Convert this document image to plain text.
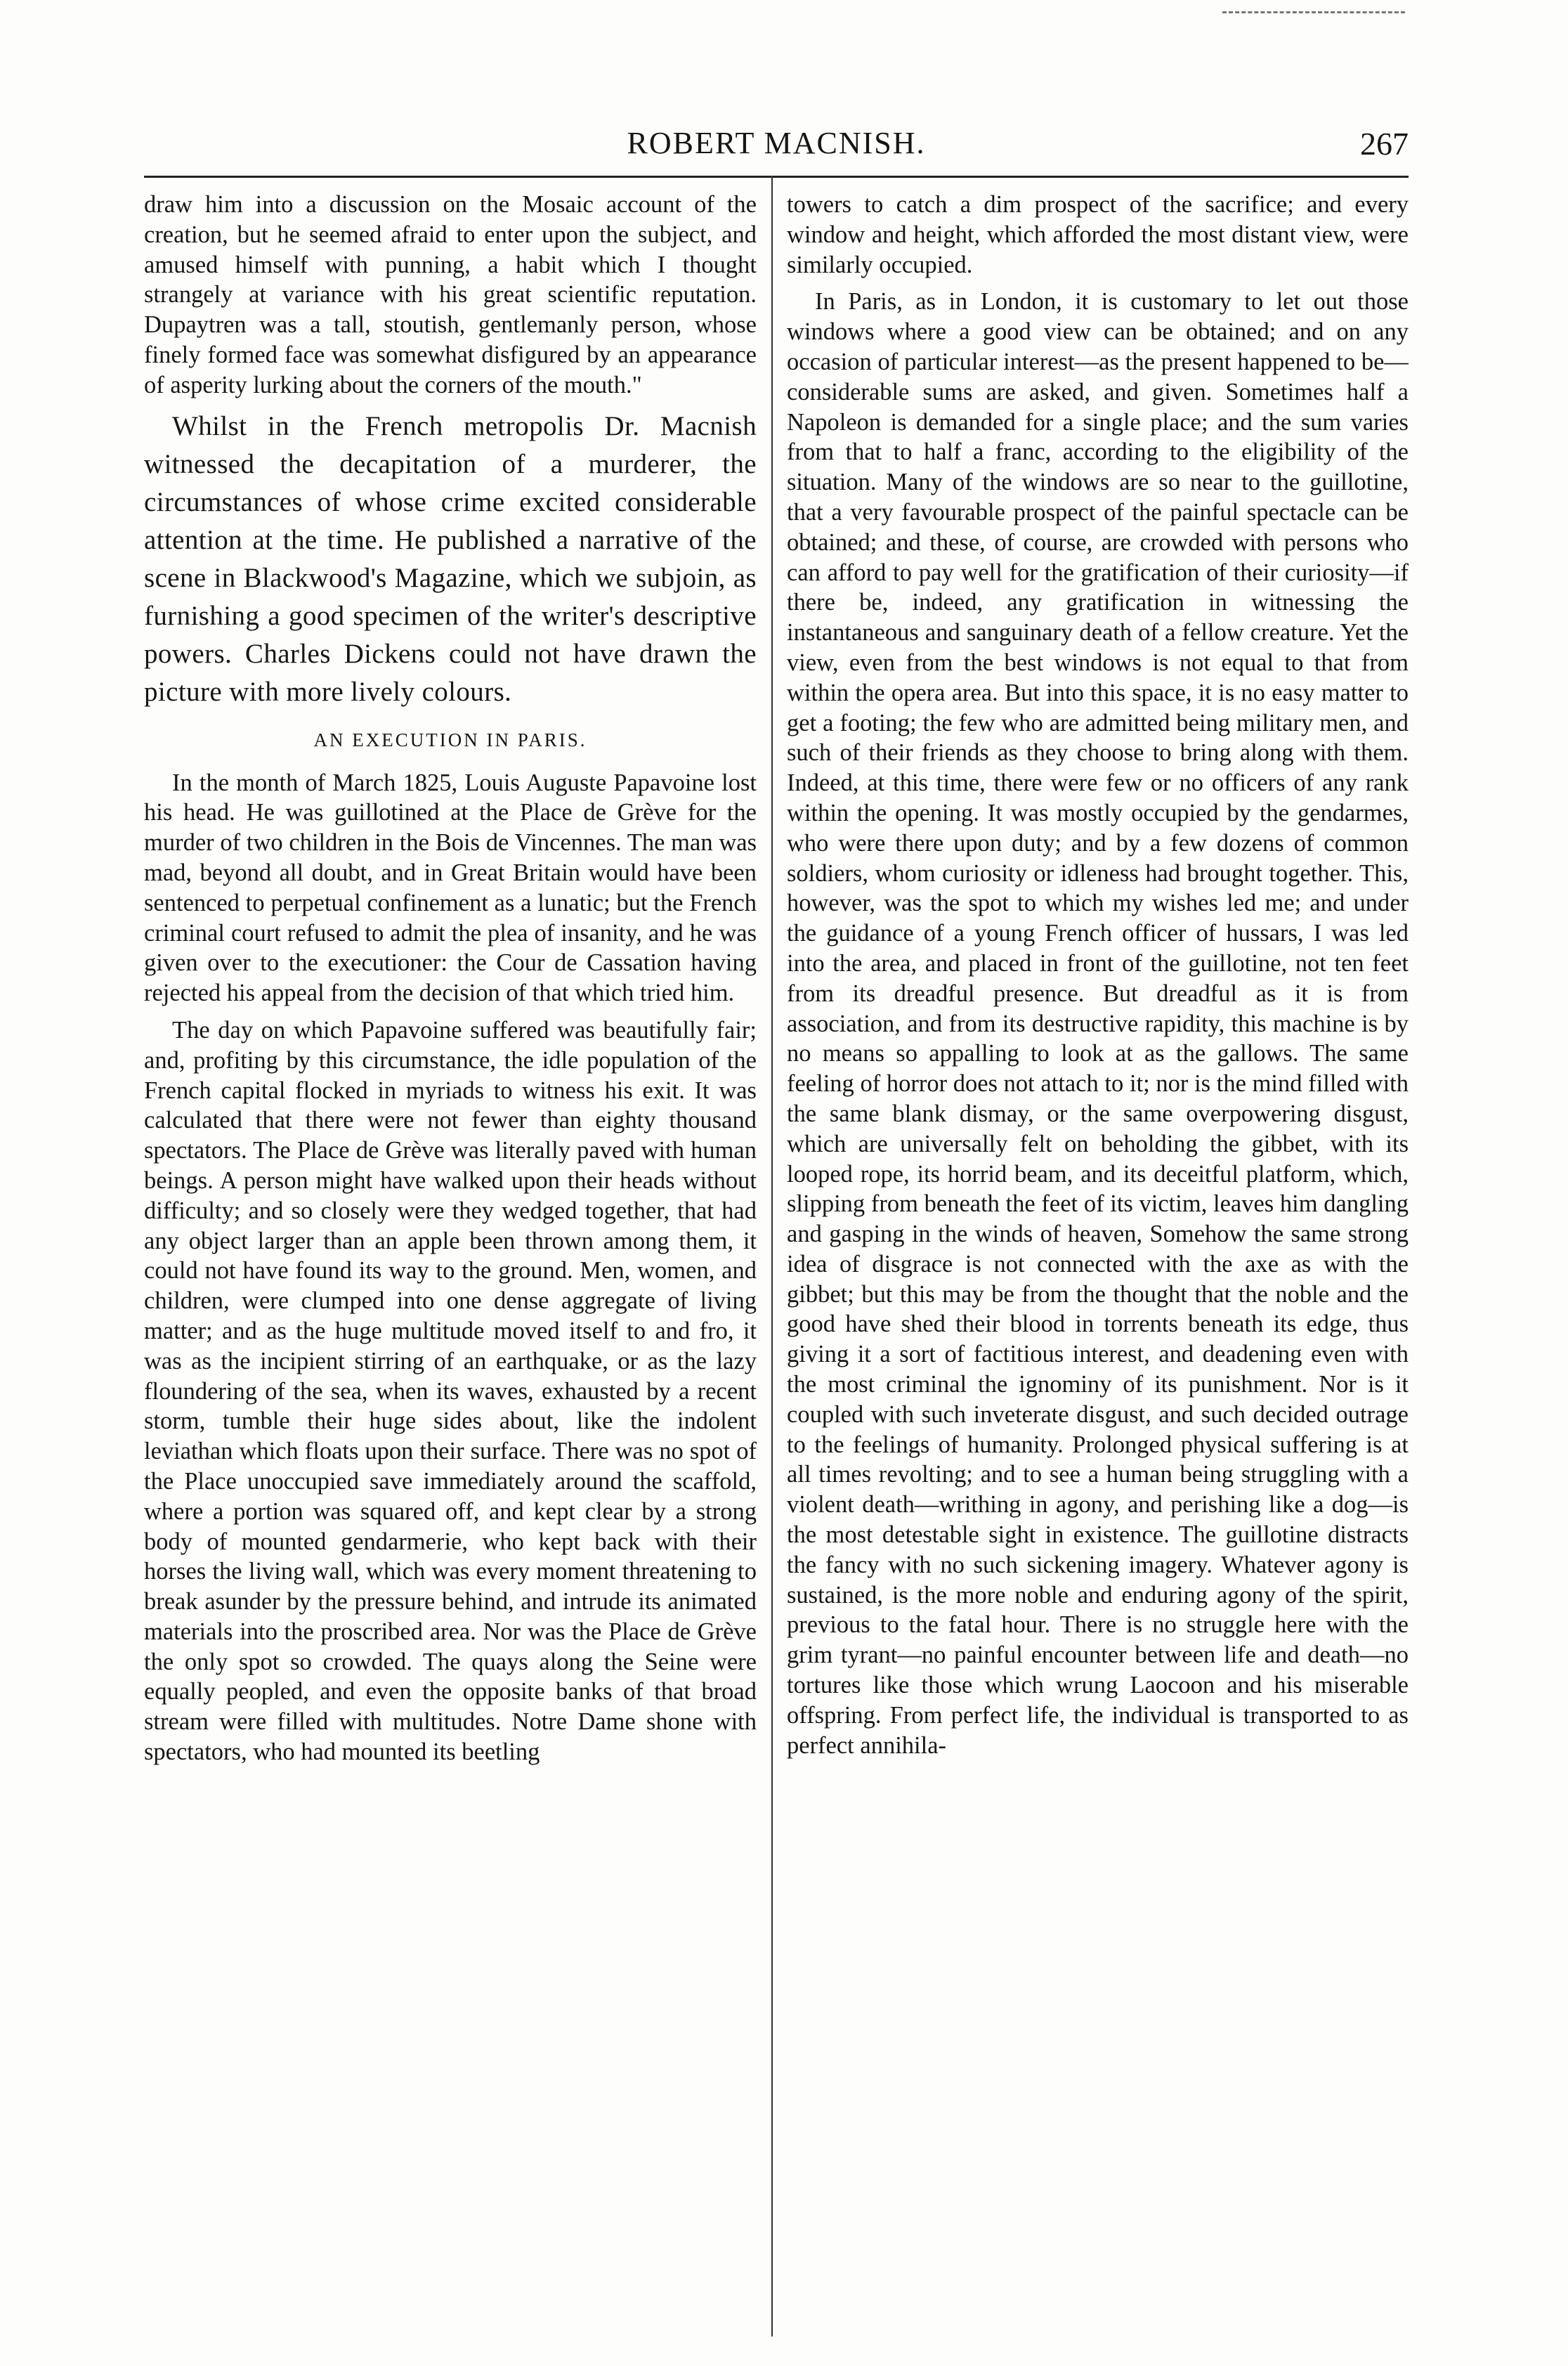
ROBERT MACNISH.	267

draw him into a discussion on the Mosaic account of the creation, but he seemed afraid to enter upon the subject, and amused himself with punning, a habit which I thought strangely at variance with his great scientific reputation. Dupaytren was a tall, stoutish, gentlemanly person, whose finely formed face was somewhat disfigured by an appearance of asperity lurking about the corners of the mouth."

Whilst in the French metropolis Dr. Macnish witnessed the decapitation of a murderer, the circumstances of whose crime excited considerable attention at the time. He published a narrative of the scene in Blackwood's Magazine, which we subjoin, as furnishing a good specimen of the writer's descriptive powers. Charles Dickens could not have drawn the picture with more lively colours.

AN EXECUTION IN PARIS.

In the month of March 1825, Louis Auguste Papavoine lost his head. He was guillotined at the Place de Grève for the murder of two children in the Bois de Vincennes. The man was mad, beyond all doubt, and in Great Britain would have been sentenced to perpetual confinement as a lunatic; but the French criminal court refused to admit the plea of insanity, and he was given over to the executioner: the Cour de Cassation having rejected his appeal from the decision of that which tried him.

The day on which Papavoine suffered was beautifully fair; and, profiting by this circumstance, the idle population of the French capital flocked in myriads to witness his exit. It was calculated that there were not fewer than eighty thousand spectators. The Place de Grève was literally paved with human beings. A person might have walked upon their heads without difficulty; and so closely were they wedged together, that had any object larger than an apple been thrown among them, it could not have found its way to the ground. Men, women, and children, were clumped into one dense aggregate of living matter; and as the huge multitude moved itself to and fro, it was as the incipient stirring of an earthquake, or as the lazy floundering of the sea, when its waves, exhausted by a recent storm, tumble their huge sides about, like the indolent leviathan which floats upon their surface. There was no spot of the Place unoccupied save immediately around the scaffold, where a portion was squared off, and kept clear by a strong body of mounted gendarmerie, who kept back with their horses the living wall, which was every moment threatening to break asunder by the pressure behind, and intrude its animated materials into the proscribed area. Nor was the Place de Grève the only spot so crowded. The quays along the Seine were equally peopled, and even the opposite banks of that broad stream were filled with multitudes. Notre Dame shone with spectators, who had mounted its beetling

towers to catch a dim prospect of the sacrifice; and every window and height, which afforded the most distant view, were similarly occupied.

In Paris, as in London, it is customary to let out those windows where a good view can be obtained; and on any occasion of particular interest—as the present happened to be—considerable sums are asked, and given. Sometimes half a Napoleon is demanded for a single place; and the sum varies from that to half a franc, according to the eligibility of the situation. Many of the windows are so near to the guillotine, that a very favourable prospect of the painful spectacle can be obtained; and these, of course, are crowded with persons who can afford to pay well for the gratification of their curiosity—if there be, indeed, any gratification in witnessing the instantaneous and sanguinary death of a fellow creature. Yet the view, even from the best windows is not equal to that from within the opera area. But into this space, it is no easy matter to get a footing; the few who are admitted being military men, and such of their friends as they choose to bring along with them. Indeed, at this time, there were few or no officers of any rank within the opening. It was mostly occupied by the gendarmes, who were there upon duty; and by a few dozens of common soldiers, whom curiosity or idleness had brought together. This, however, was the spot to which my wishes led me; and under the guidance of a young French officer of hussars, I was led into the area, and placed in front of the guillotine, not ten feet from its dreadful presence. But dreadful as it is from association, and from its destructive rapidity, this machine is by no means so appalling to look at as the gallows. The same feeling of horror does not attach to it; nor is the mind filled with the same blank dismay, or the same overpowering disgust, which are universally felt on beholding the gibbet, with its looped rope, its horrid beam, and its deceitful platform, which, slipping from beneath the feet of its victim, leaves him dangling and gasping in the winds of heaven, Somehow the same strong idea of disgrace is not connected with the axe as with the gibbet; but this may be from the thought that the noble and the good have shed their blood in torrents beneath its edge, thus giving it a sort of factitious interest, and deadening even with the most criminal the ignominy of its punishment. Nor is it coupled with such inveterate disgust, and such decided outrage to the feelings of humanity. Prolonged physical suffering is at all times revolting; and to see a human being struggling with a violent death—writhing in agony, and perishing like a dog—is the most detestable sight in existence. The guillotine distracts the fancy with no such sickening imagery. Whatever agony is sustained, is the more noble and enduring agony of the spirit, previous to the fatal hour. There is no struggle here with the grim tyrant—no painful encounter between life and death—no tortures like those which wrung Laocoon and his miserable offspring. From perfect life, the individual is transported to as perfect annihila-
